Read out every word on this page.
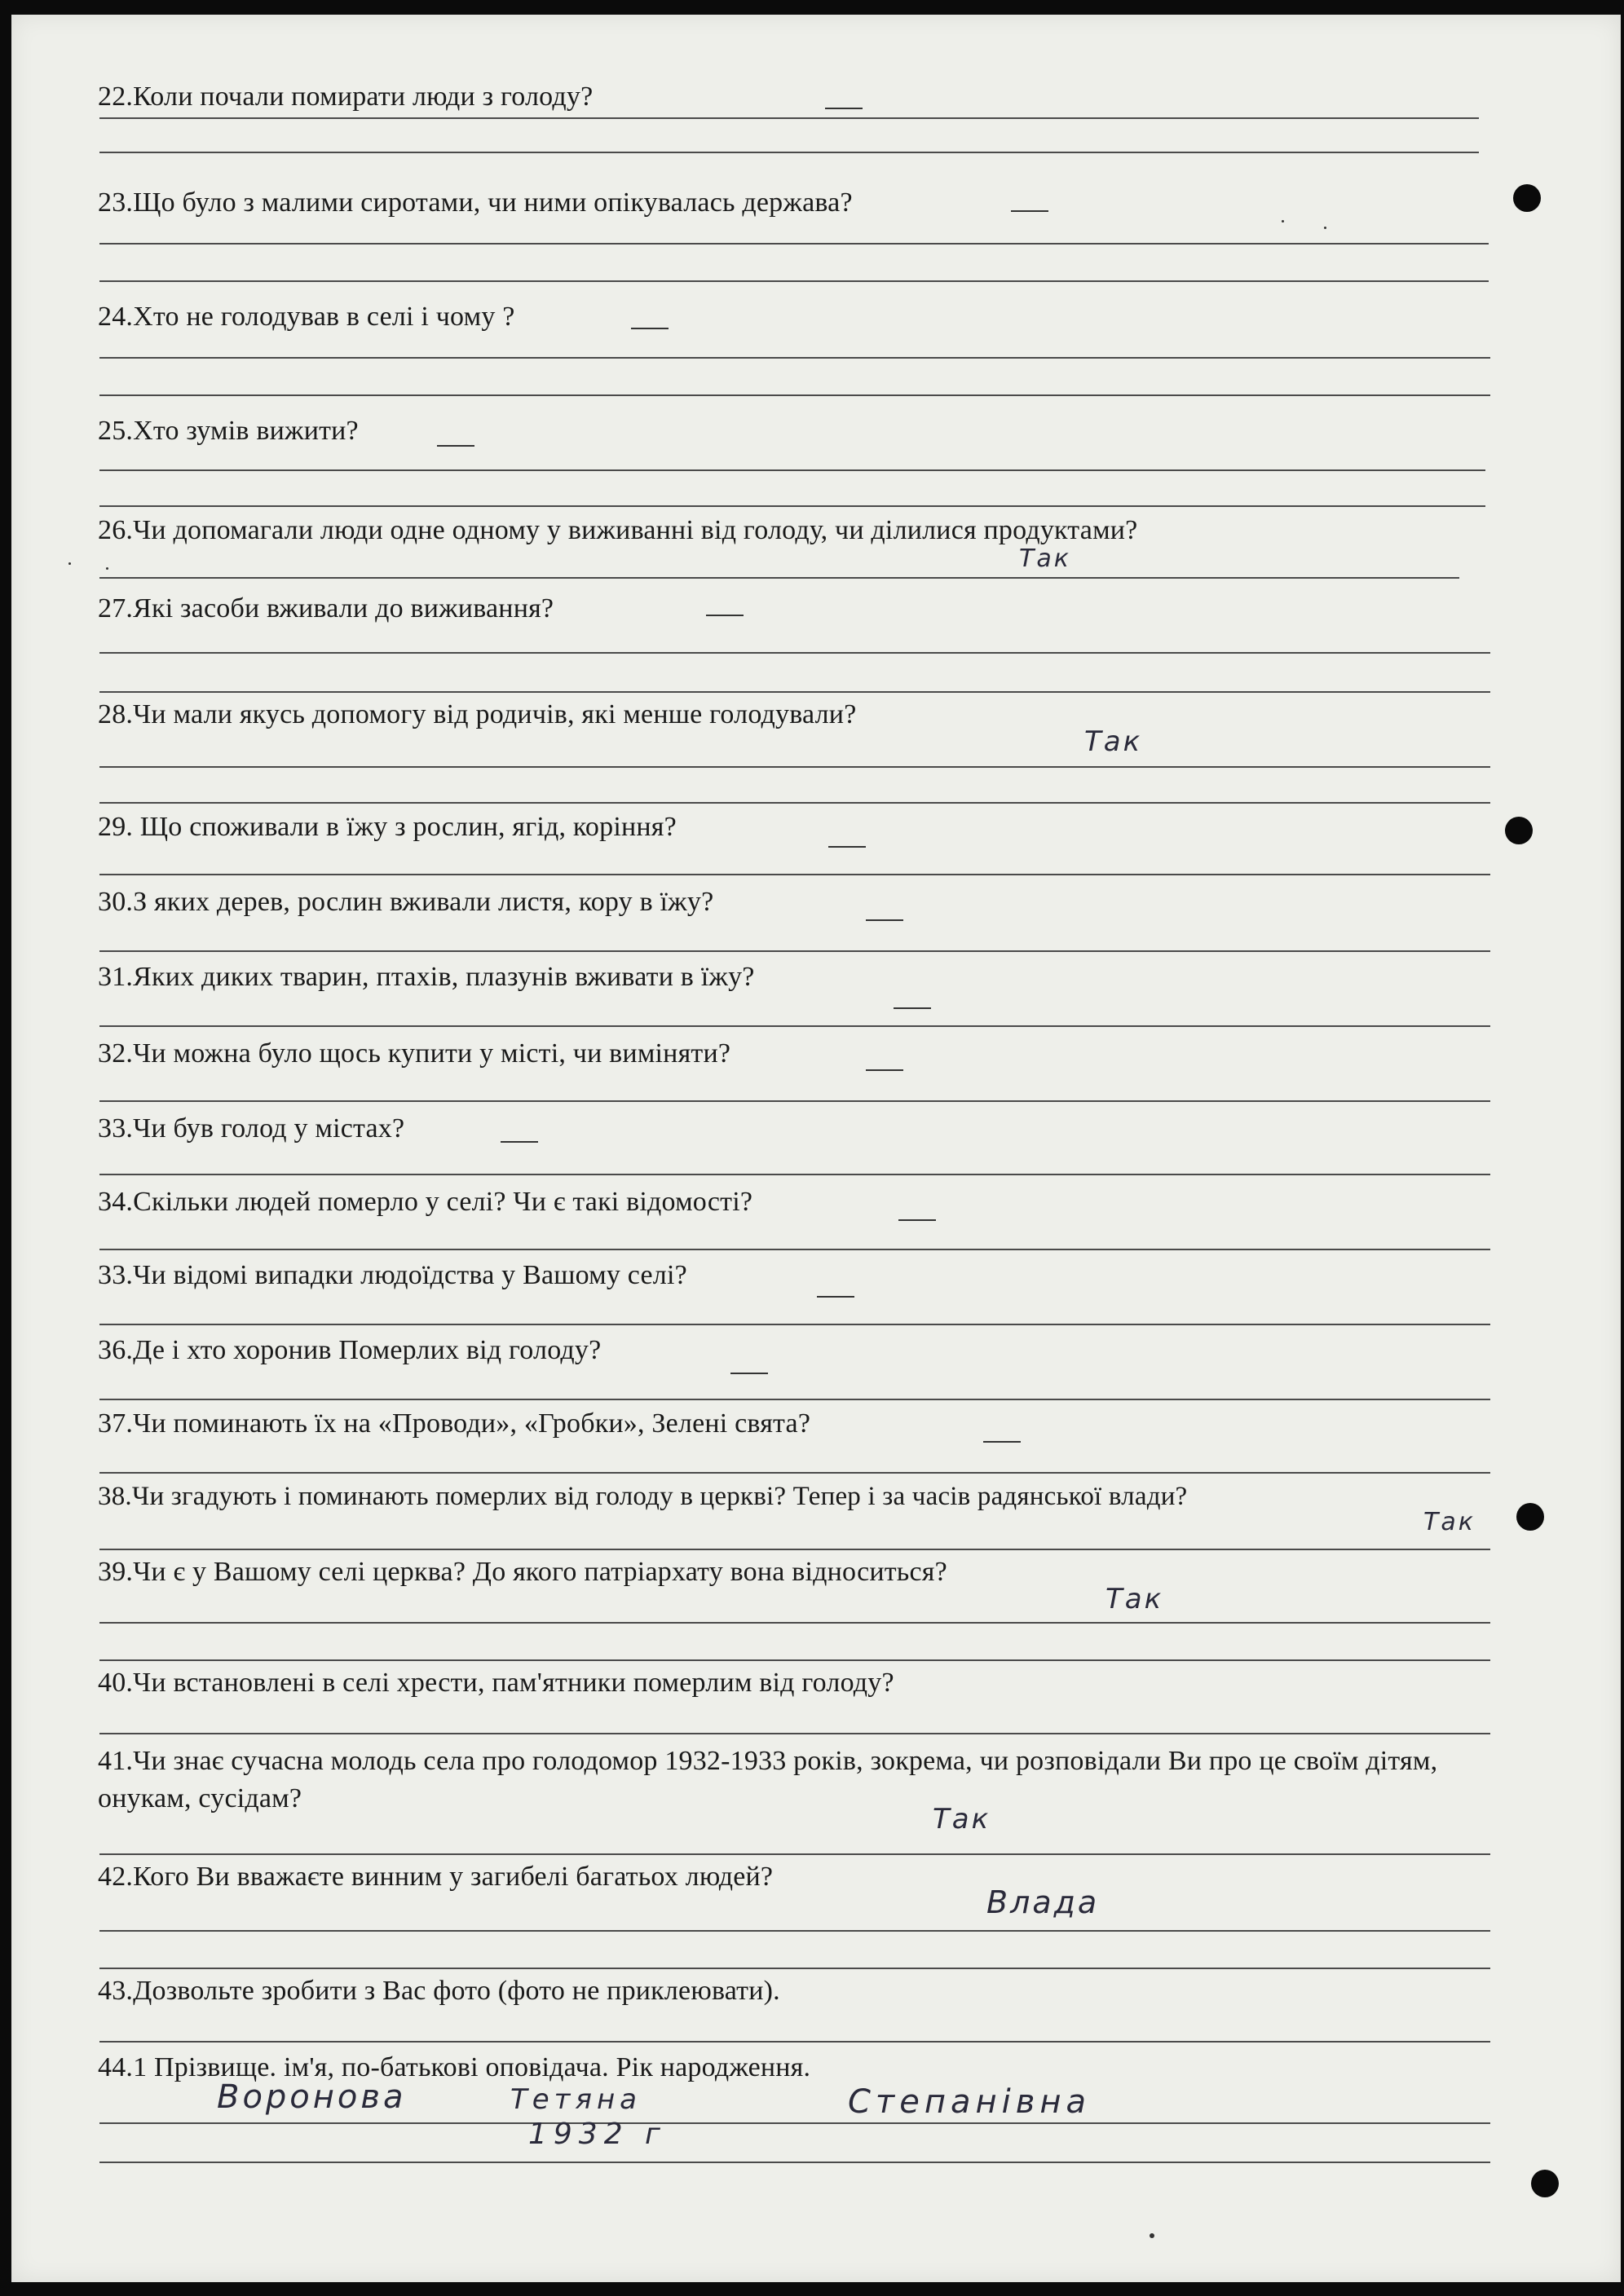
22.Коли почали помирати люди з голоду?
23.Що було з малими сиротами, чи ними опікувалась держава?
24.Хто не голодував в селі і чому ?
25.Хто зумів вижити?
26.Чи допомагали люди одне одному у виживанні від голоду, чи ділилися продуктами?
Так
27.Які засоби вживали до виживання?
28.Чи мали якусь допомогу від родичів, які менше голодували?
Так
29. Що споживали в їжу з рослин, ягід, коріння?
30.З яких дерев, рослин вживали листя, кору в їжу?
31.Яких диких тварин, птахів, плазунів вживати в їжу?
32.Чи можна було щось купити у місті, чи виміняти?
33.Чи був голод у містах?
34.Скільки людей померло у селі? Чи є такі відомості?
33.Чи відомі випадки людоїдства у Вашому селі?
36.Де і хто хоронив Померлих від голоду?
37.Чи поминають їх на «Проводи», «Гробки», Зелені свята?
38.Чи згадують і поминають померлих від голоду в церкві? Тепер і за часів радянської влади?
Так
39.Чи є у Вашому селі церква? До якого патріархату вона відноситься?
Так
40.Чи встановлені в селі хрести, пам'ятники померлим від голоду?
41.Чи знає сучасна молодь села про голодомор 1932-1933 років, зокрема, чи розповідали Ви про це своїм дітям, онукам, сусідам?
Так
42.Кого Ви вважаєте винним у загибелі багатьох людей?
Влада
43.Дозвольте зробити з Вас фото (фото не приклеювати).
44.1 Прізвище. ім'я, по-батькові оповідача. Рік народження.
Воронова	Тетяна	Степанівна
1932 г
